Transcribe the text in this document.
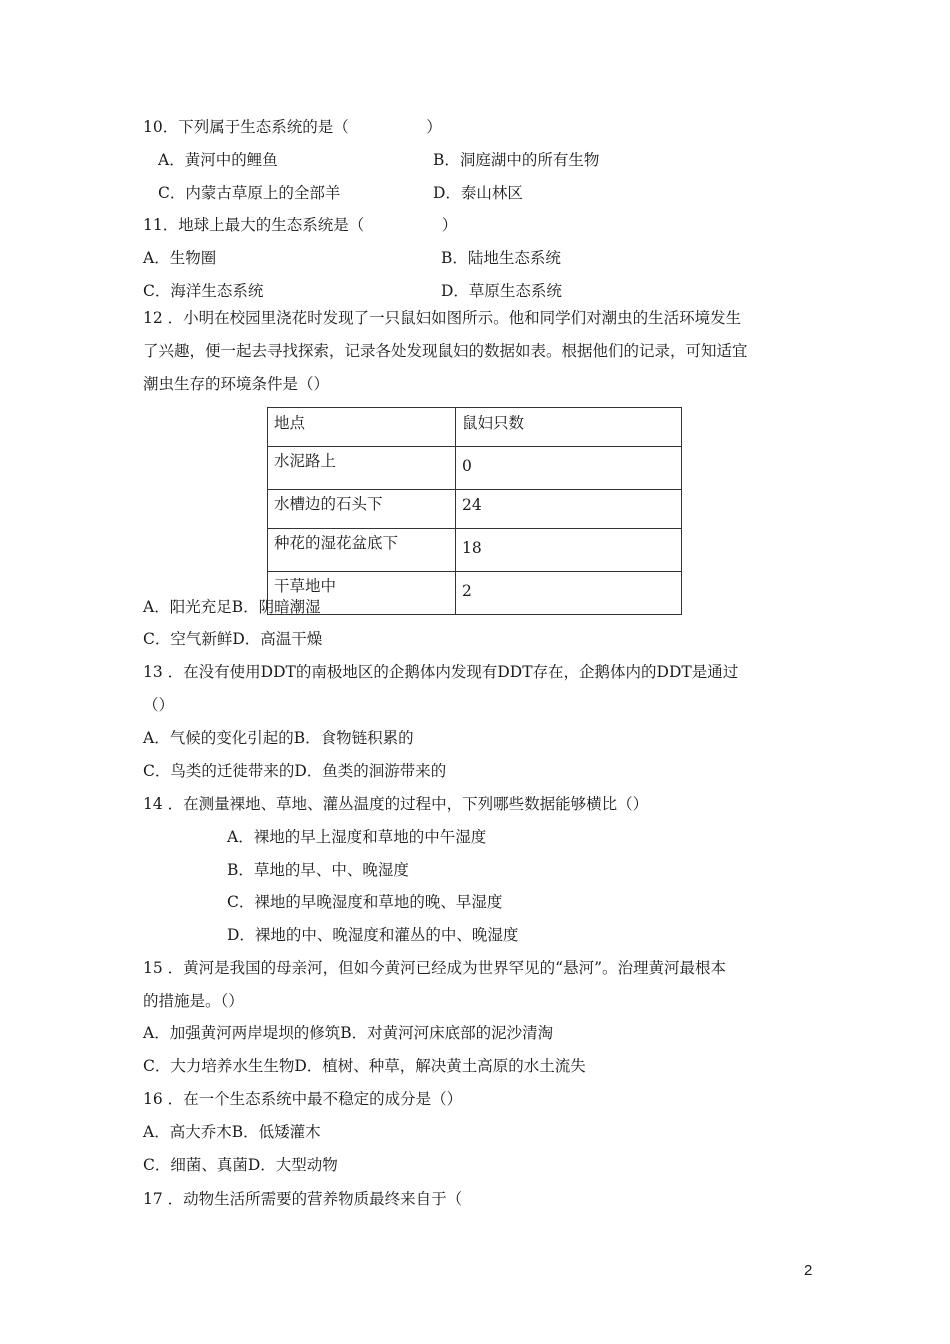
10．下列属于生态系统的是（　　　　　）
A．黄河中的鲤鱼	B．洞庭湖中的所有生物
C．内蒙古草原上的全部羊	D．泰山林区
11．地球上最大的生态系统是（　　　　　）
A．生物圈	B．陆地生态系统
C．海洋生态系统	D．草原生态系统
12 ．小明在校园里浇花时发现了一只鼠妇如图所示。他和同学们对潮虫的生活环境发生
了兴趣，便一起去寻找探索，记录各处发现鼠妇的数据如表。根据他们的记录，可知适宜
潮虫生存的环境条件是（）
地点	鼠妇只数
水泥路上	0
水槽边的石头下	24
种花的湿花盆底下	18
干草地中	2
A．阳光充足B．阴暗潮湿
C．空气新鲜D．高温干燥
13 ．在没有使用DDT的南极地区的企鹅体内发现有DDT存在，企鹅体内的DDT是通过
（）
A．气候的变化引起的B．食物链积累的
C．鸟类的迁徙带来的D．鱼类的洄游带来的
14 ．在测量裸地、草地、灌丛温度的过程中，下列哪些数据能够横比（）
A．裸地的早上湿度和草地的中午湿度
B．草地的早、中、晚湿度
C．裸地的早晚湿度和草地的晚、早湿度
D．裸地的中、晚湿度和灌丛的中、晚湿度
15 ．黄河是我国的母亲河，但如今黄河已经成为世界罕见的“悬河”。治理黄河最根本
的措施是。（）
A．加强黄河两岸堤坝的修筑B．对黄河河床底部的泥沙清淘
C．大力培养水生生物D．植树、种草，解决黄土高原的水土流失
16 ．在一个生态系统中最不稳定的成分是（）
A．高大乔木B．低矮灌木
C．细菌、真菌D．大型动物
17 ．动物生活所需要的营养物质最终来自于（
2
